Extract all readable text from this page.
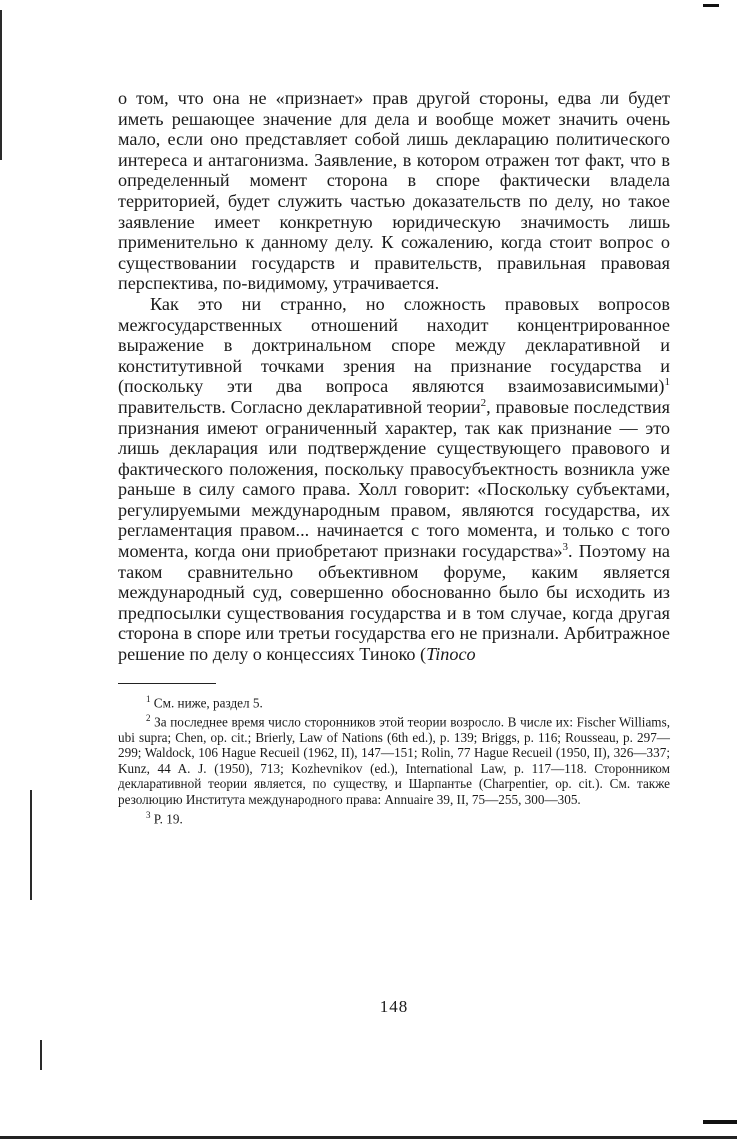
о том, что она не «признает» прав другой стороны, едва ли будет иметь решающее значение для дела и вообще может значить очень мало, если оно представляет собой лишь декларацию политического интереса и антагонизма. Заявление, в котором отражен тот факт, что в определенный момент сторона в споре фактически владела территорией, будет служить частью доказательств по делу, но такое заявление имеет конкретную юридическую значимость лишь применительно к данному делу. К сожалению, когда стоит вопрос о существовании государств и правительств, правильная правовая перспектива, по-видимому, утрачивается.

Как это ни странно, но сложность правовых вопросов межгосударственных отношений находит концентрированное выражение в доктринальном споре между декларативной и конститутивной точками зрения на признание государства и (поскольку эти два вопроса являются взаимозависимыми)$^1$ правительств. Согласно декларативной теории$^2$, правовые последствия признания имеют ограниченный характер, так как признание — это лишь декларация или подтверждение существующего правового и фактического положения, поскольку правосубъектность возникла уже раньше в силу самого права. Холл говорит: «Поскольку субъектами, регулируемыми международным правом, являются государства, их регламентация правом... начинается с того момента, и только с того момента, когда они приобретают признаки государства»$^3$. Поэтому на таком сравнительно объективном форуме, каким является международный суд, совершенно обоснованно было бы исходить из предпосылки существования государства и в том случае, когда другая сторона в споре или третьи государства его не признали. Арбитражное решение по делу о концессиях Тиноко (Tinoco

$^1$ См. ниже, раздел 5.

$^2$ За последнее время число сторонников этой теории возросло. В числе их: Fischer Williams, ubi supra; Chen, op. cit.; Brierly, Law of Nations (6th ed.), p. 139; Briggs, p. 116; Rousseau, p. 297—299; Waldock, 106 Hague Recueil (1962, II), 147—151; Rolin, 77 Hague Recueil (1950, II), 326—337; Kunz, 44 A. J. (1950), 713; Kozhevnikov (ed.), International Law, p. 117—118. Сторонником декларативной теории является, по существу, и Шарпантье (Charpentier, op. cit.). См. также резолюцию Института международного права: Annuaire 39, II, 75—255, 300—305.

$^3$ P. 19.

148
